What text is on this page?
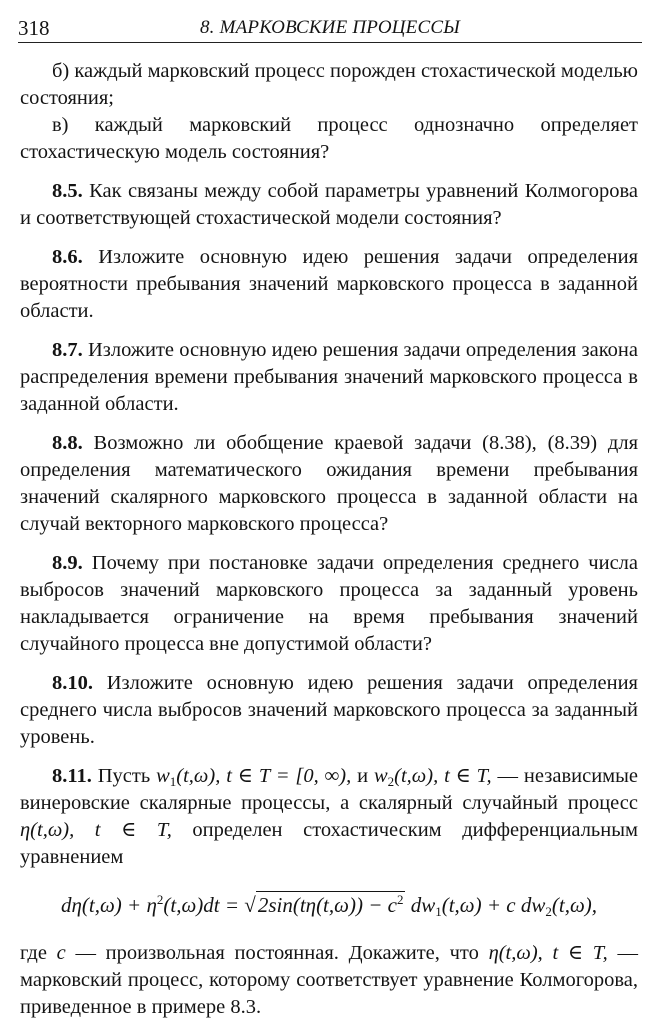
318	8. МАРКОВСКИЕ ПРОЦЕССЫ

б) каждый марковский процесс порожден стохастической моделью состояния;

в) каждый марковский процесс однозначно определяет стохастическую модель состояния?

8.5. Как связаны между собой параметры уравнений Колмогорова и соответствующей стохастической модели состояния?

8.6. Изложите основную идею решения задачи определения вероятности пребывания значений марковского процесса в заданной области.

8.7. Изложите основную идею решения задачи определения закона распределения времени пребывания значений марковского процесса в заданной области.

8.8. Возможно ли обобщение краевой задачи (8.38), (8.39) для определения математического ожидания времени пребывания значений скалярного марковского процесса в заданной области на случай векторного марковского процесса?

8.9. Почему при постановке задачи определения среднего числа выбросов значений марковского процесса за заданный уровень накладывается ограничение на время пребывания значений случайного процесса вне допустимой области?

8.10. Изложите основную идею решения задачи определения среднего числа выбросов значений марковского процесса за заданный уровень.

8.11. Пусть $w_1(t,\omega)$, t ∈ T = [0, ∞), и $w_2(t,\omega)$, t ∈ T, — независимые винеровские скалярные процессы, а скалярный случайный процесс η(t,ω), t ∈ T, определен стохастическим дифференциальным уравнением

$d\eta(t,\omega) + \eta^2(t,\omega)dt = √2\sin(t\eta(t,\omega)) - c^2$ $dw_1(t,\omega) + c$ $dw_2(t,\omega)$,

где c — произвольная постоянная. Докажите, что η(t,ω), t ∈ T, — марковский процесс, которому соответствует уравнение Колмогорова, приведенное в примере 8.3.
